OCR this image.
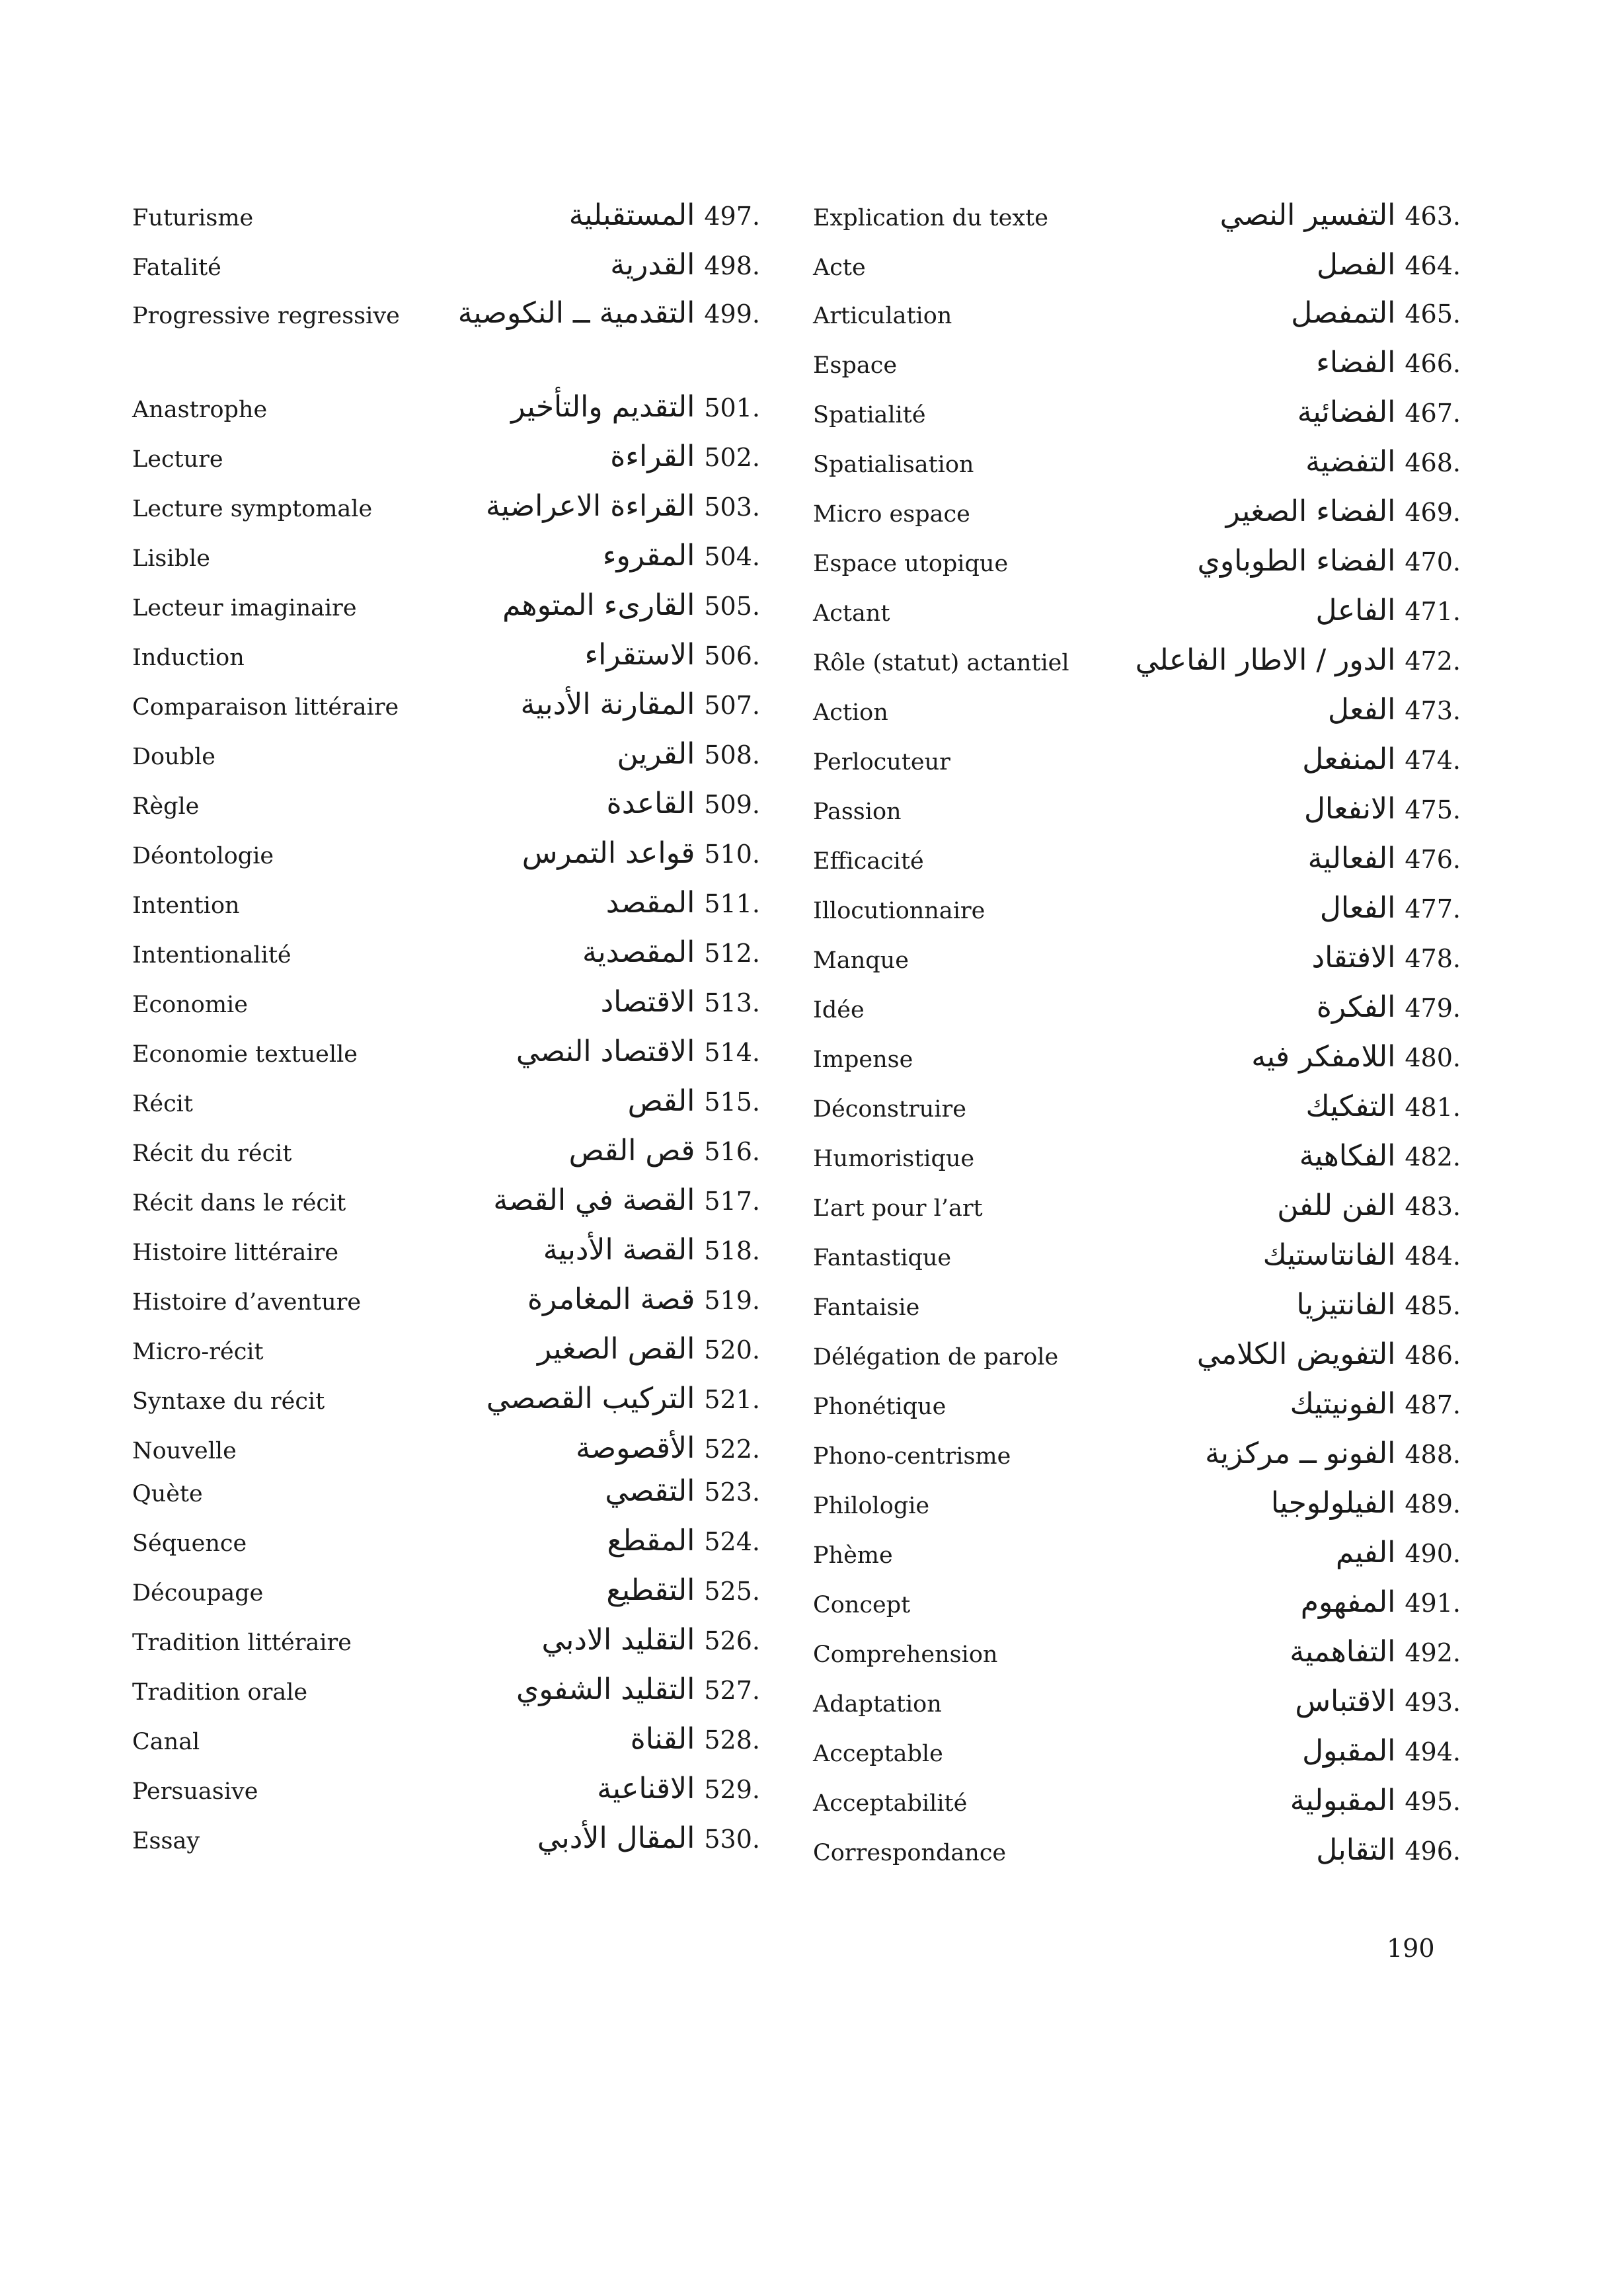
Futurisme	497. المستقبلية
Fatalité	498. القدرية
Progressive regressive	499. التقدمية ــ النكوصية
Anastrophe	501. التقديم والتأخير
Lecture	502. القراءة
Lecture symptomale	503. القراءة الاعراضية
Lisible	504. المقروء
Lecteur imaginaire	505. القارىء المتوهم
Induction	506. الاستقراء
Comparaison littéraire	507. المقارنة الأدبية
Double	508. القرين
Règle	509. القاعدة
Déontologie	510. قواعد التمرس
Intention	511. المقصد
Intentionalité	512. المقصدية
Economie	513. الاقتصاد
Economie textuelle	514. الاقتصاد النصي
Récit	515. القص
Récit du récit	516. قص القص
Récit dans le récit	517. القصة في القصة
Histoire littéraire	518. القصة الأدبية
Histoire d’aventure	519. قصة المغامرة
Micro-récit	520. القص الصغير
Syntaxe du récit	521. التركيب القصصي
Nouvelle	522. الأقصوصة
Quète	523. التقصي
Séquence	524. المقطع
Découpage	525. التقطيع
Tradition littéraire	526. التقليد الادبي
Tradition orale	527. التقليد الشفوي
Canal	528. القناة
Persuasive	529. الاقناعية
Essay	530. المقال الأدبي
Explication du texte	463. التفسير النصي
Acte	464. الفصل
Articulation	465. التمفصل
Espace	466. الفضاء
Spatialité	467. الفضائية
Spatialisation	468. التفضية
Micro espace	469. الفضاء الصغير
Espace utopique	470. الفضاء الطوباوي
Actant	471. الفاعل
Rôle (statut) actantiel	472. الدور / الاطار الفاعلي
Action	473. الفعل
Perlocuteur	474. المنفعل
Passion	475. الانفعال
Efficacité	476. الفعالية
Illocutionnaire	477. الفعال
Manque	478. الافتقاد
Idée	479. الفكرة
Impense	480. اللامفكر فيه
Déconstruire	481. التفكيك
Humoristique	482. الفكاهية
L’art pour l’art	483. الفن للفن
Fantastique	484. الفانتاستيك
Fantaisie	485. الفانتيزيا
Délégation de parole	486. التفويض الكلامي
Phonétique	487. الفونيتيك
Phono-centrisme	488. الفونو ــ مركزية
Philologie	489. الفيلولوجيا
Phème	490. الفيم
Concept	491. المفهوم
Comprehension	492. التفاهمية
Adaptation	493. الاقتباس
Acceptable	494. المقبول
Acceptabilité	495. المقبولية
Correspondance	496. التقابل
190
